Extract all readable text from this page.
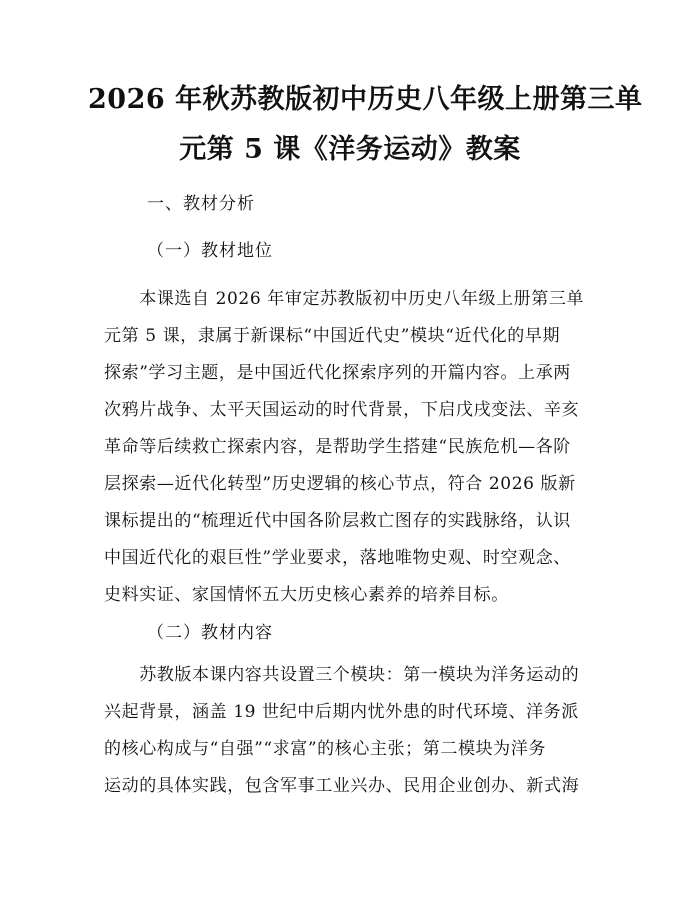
2026 年秋苏教版初中历史八年级上册第三单
元第 5 课《洋务运动》教案

一、教材分析

（一）教材地位

　　本课选自 2026 年审定苏教版初中历史八年级上册第三单
元第 5 课，隶属于新课标“中国近代史”模块“近代化的早期
探索”学习主题，是中国近代化探索序列的开篇内容。上承两
次鸦片战争、太平天国运动的时代背景，下启戊戌变法、辛亥
革命等后续救亡探索内容，是帮助学生搭建“民族危机—各阶
层探索—近代化转型”历史逻辑的核心节点，符合 2026 版新
课标提出的“梳理近代中国各阶层救亡图存的实践脉络，认识
中国近代化的艰巨性”学业要求，落地唯物史观、时空观念、
史料实证、家国情怀五大历史核心素养的培养目标。

（二）教材内容

　　苏教版本课内容共设置三个模块：第一模块为洋务运动的
兴起背景，涵盖 19 世纪中后期内忧外患的时代环境、洋务派
的核心构成与“自强”“求富”的核心主张；第二模块为洋务
运动的具体实践，包含军事工业兴办、民用企业创办、新式海
